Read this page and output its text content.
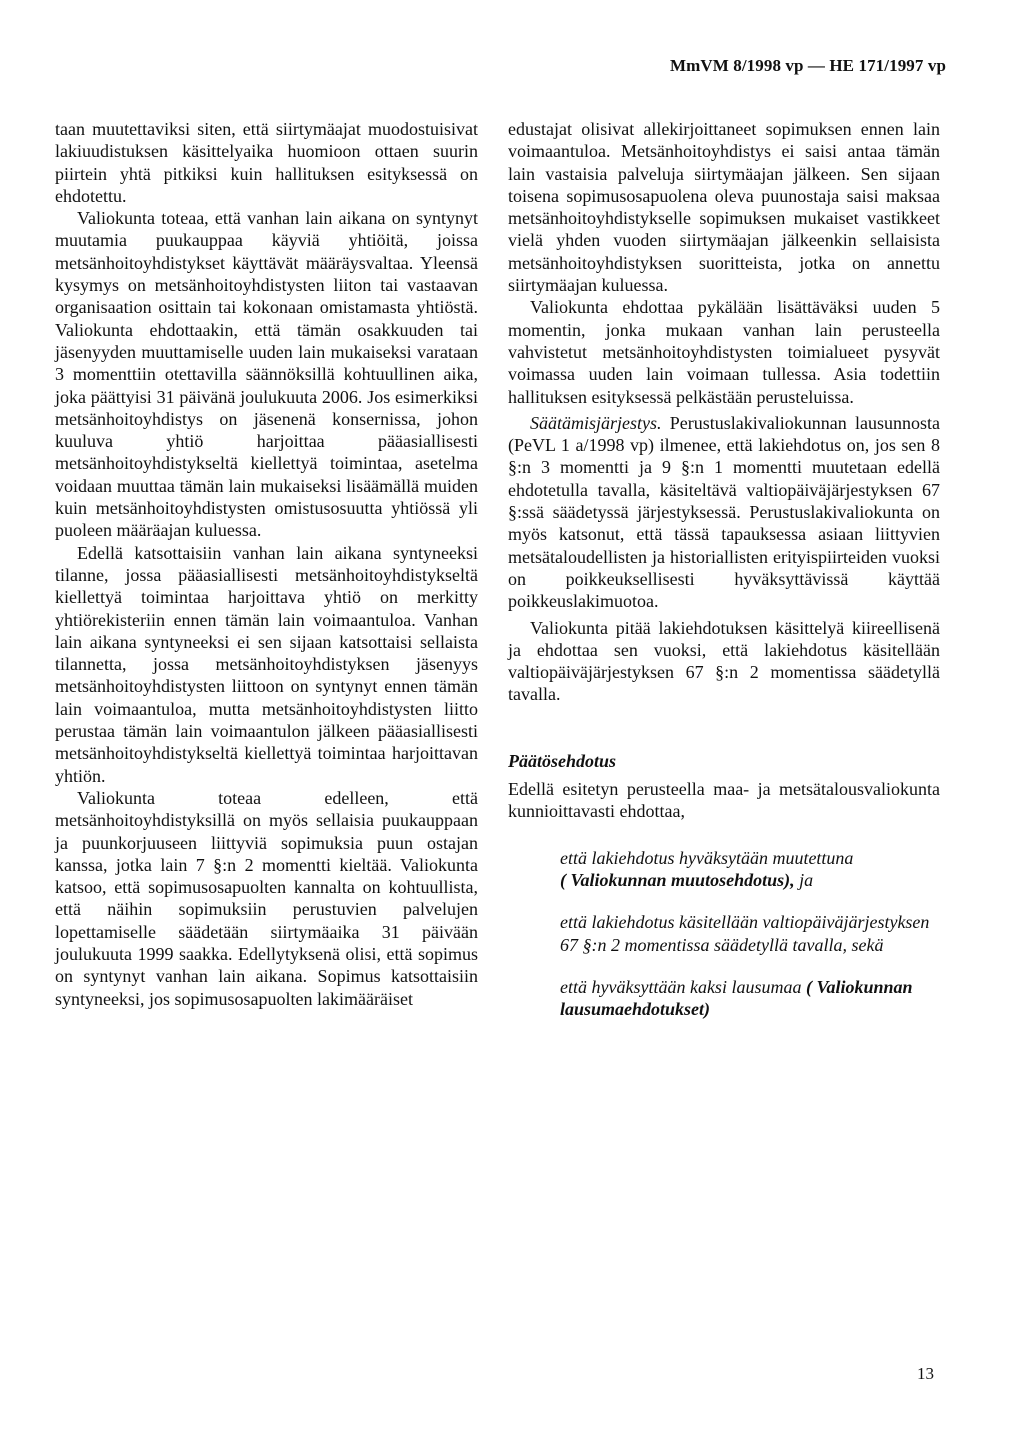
MmVM 8/1998 vp — HE 171/1997 vp

taan muutettaviksi siten, että siirtymäajat muodostuisivat lakiuudistuksen käsittelyaika huomioon ottaen suurin piirtein yhtä pitkiksi kuin hallituksen esityksessä on ehdotettu.

Valiokunta toteaa, että vanhan lain aikana on syntynyt muutamia puukauppaa käyviä yhtiöitä, joissa metsänhoitoyhdistykset käyttävät määräysvaltaa. Yleensä kysymys on metsänhoitoyhdistysten liiton tai vastaavan organisaation osittain tai kokonaan omistamasta yhtiöstä. Valiokunta ehdottaakin, että tämän osakkuuden tai jäsenyyden muuttamiselle uuden lain mukaiseksi varataan 3 momenttiin otettavilla säännöksillä kohtuullinen aika, joka päättyisi 31 päivänä joulukuuta 2006. Jos esimerkiksi metsänhoitoyhdistys on jäsenenä konsernissa, johon kuuluva yhtiö harjoittaa pääasiallisesti metsänhoitoyhdistykseltä kiellettyä toimintaa, asetelma voidaan muuttaa tämän lain mukaiseksi lisäämällä muiden kuin metsänhoitoyhdistysten omistusosuutta yhtiössä yli puoleen määräajan kuluessa.

Edellä katsottaisiin vanhan lain aikana syntyneeksi tilanne, jossa pääasiallisesti metsänhoitoyhdistykseltä kiellettyä toimintaa harjoittava yhtiö on merkitty yhtiörekisteriin ennen tämän lain voimaantuloa. Vanhan lain aikana syntyneeksi ei sen sijaan katsottaisi sellaista tilannetta, jossa metsänhoitoyhdistyksen jäsenyys metsänhoitoyhdistysten liittoon on syntynyt ennen tämän lain voimaantuloa, mutta metsänhoitoyhdistysten liitto perustaa tämän lain voimaantulon jälkeen pääasiallisesti metsänhoitoyhdistykseltä kiellettyä toimintaa harjoittavan yhtiön.

Valiokunta toteaa edelleen, että metsänhoitoyhdistyksillä on myös sellaisia puukauppaan ja puunkorjuuseen liittyviä sopimuksia puun ostajan kanssa, jotka lain 7 §:n 2 momentti kieltää. Valiokunta katsoo, että sopimusosapuolten kannalta on kohtuullista, että näihin sopimuksiin perustuvien palvelujen lopettamiselle säädetään siirtymäaika 31 päivään joulukuuta 1999 saakka. Edellytyksenä olisi, että sopimus on syntynyt vanhan lain aikana. Sopimus katsottaisiin syntyneeksi, jos sopimusosapuolten lakimääräiset

edustajat olisivat allekirjoittaneet sopimuksen ennen lain voimaantuloa. Metsänhoitoyhdistys ei saisi antaa tämän lain vastaisia palveluja siirtymäajan jälkeen. Sen sijaan toisena sopimusosapuolena oleva puunostaja saisi maksaa metsänhoitoyhdistykselle sopimuksen mukaiset vastikkeet vielä yhden vuoden siirtymäajan jälkeenkin sellaisista metsänhoitoyhdistyksen suoritteista, jotka on annettu siirtymäajan kuluessa.

Valiokunta ehdottaa pykälään lisättäväksi uuden 5 momentin, jonka mukaan vanhan lain perusteella vahvistetut metsänhoitoyhdistysten toimialueet pysyvät voimassa uuden lain voimaan tullessa. Asia todettiin hallituksen esityksessä pelkästään perusteluissa.

Säätämisjärjestys. Perustuslakivaliokunnan lausunnosta (PeVL 1 a/1998 vp) ilmenee, että lakiehdotus on, jos sen 8 §:n 3 momentti ja 9 §:n 1 momentti muutetaan edellä ehdotetulla tavalla, käsiteltävä valtiopäiväjärjestyksen 67 §:ssä säädetyssä järjestyksessä. Perustuslakivaliokunta on myös katsonut, että tässä tapauksessa asiaan liittyvien metsätaloudellisten ja historiallisten erityispiirteiden vuoksi on poikkeuksellisesti hyväksyttävissä käyttää poikkeuslakimuotoa.

Valiokunta pitää lakiehdotuksen käsittelyä kiireellisenä ja ehdottaa sen vuoksi, että lakiehdotus käsitellään valtiopäiväjärjestyksen 67 §:n 2 momentissa säädetyllä tavalla.

Päätösehdotus

Edellä esitetyn perusteella maa- ja metsätalousvaliokunta kunnioittavasti ehdottaa,

että lakiehdotus hyväksytään muutettuna
( Valiokunnan muutosehdotus), ja

että lakiehdotus käsitellään valtiopäiväjärjestyksen 67 §:n 2 momentissa säädetyllä tavalla, sekä

että hyväksyttään kaksi lausumaa ( Valiokunnan lausumaehdotukset)

13
